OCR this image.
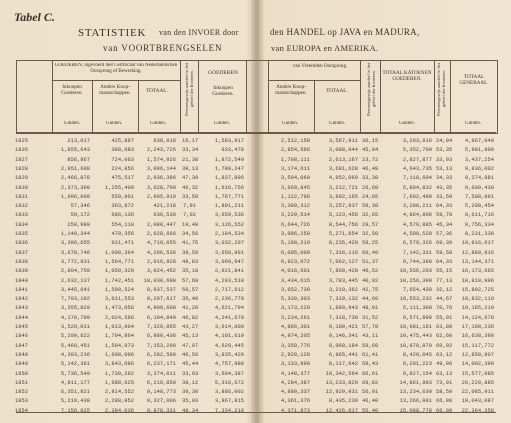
Tabel C.
STATISTIEK van den INVOER door
van VOORTBRENGSELEN
den HANDEL op JAVA en MADURA,
van EUROPA en AMERIKA.
GOEDEREN, ingevoerd met Certificaat van Nederlandschen Oorsprong of Bewerking.
Inkoopen Goederen.
Andere Koop-mansschappen.	TOTAAL.	Percentsgewijs aandeel in het geheel der Invoeren.	GOEDEREN
Inkoopen Goederen.
van Vreemden Oorsprong.
Andere Koop-mansschappen.	TOTAAL.	Percentsgewijs aandeel in het geheel der Invoeren.	TOTAAL KATOENEN GOEDEREN.	Percentsgewijs aandeel in het geheel der Invoeren.	TOTAAL GENERAAL.
Gulden.	Gulden.	Gulden.	Gulden.	Gulden.	Gulden.	Gulden.	Gulden.
1825	213,017	425,887	638,918 16,17	1,583,917	2,512,158	3,567,911 36,15	3,203,916 24,04	4,967,049
1826	1,855,643	388,083	2,243,726 33,34	933,478	2,854,566	3,088,044 45,84	5,352,700 53,35	5,981,800
1827	856,867	724,063	1,574,926 21,38	1,872,540	1,708,111	2,613,167 23,72	2,827,877 33,93	3,437,254
1828	2,951,688	224,856	3,096,144 39,13	1,789,247	3,174,611	3,681,628 46,48	4,643,735 53,13	9,836,002
1829	2,466,878	475,517	2,936,386 47,39	1,837,896	3,594,060	4,952,069 33,38	7,118,604 34,33	9,274,981
1830	2,373,300	1,255,409	3,628,709 46,32	1,616,756	3,669,845	3,212,721 26,68	5,894,832 43,35	9,609,430
1831	1,996,009	559,901	2,905,910 33,50	1,787,771	1,122,796	3,602,165 24,65	7,602,400 33,59	7,508,991
1832	57,346	363,872	421,218 7,91	1,891,211	3,380,312	3,257,837 59,38	3,288,211 64,33	5,208,454
1833	59,172	686,136	636,530 7,02	3,659,536	3,229,514	5,123,456 32,65	4,864,806 59,78	9,611,716
1834	258,980	554,110	2,080,447 19,48	3,126,552	6,644,726	8,544,756 29,57	4,579,885 45,34	9,756,334
1835	1,149,344	479,356	2,628,666 34,56	2,184,534	3,086,259	5,271,654 32,50	4,500,528 57,36	8,231,338
1836	3,306,655	921,471	4,719,055 41,75	3,032,207	5,190,219	8,235,429 59,25	6,579,326 69,39	10,916,617
1837	3,678,746	1,000,364	4,296,536 39,59	3,658,991	6,005,000	7,316,116 60,40	7,142,331 59,58	12,889,816
1838	3,772,931	1,564,771	2,016,928 48,83	3,069,947	6,923,072	7,062,127 51,37	9,744,380 64,33	13,144,371
1839	2,904,759	1,059,329	3,024,452 35,18	2,921,841	4,016,501	7,868,428 46,52	10,556,203 55,15	16,173,665
1840	2,632,137	1,742,451	10,030,688 57,68	4,293,518	3,434,615	3,783,445 40,92	10,256,390 77,13	18,819,996
1841	3,445,641	1,509,524	8,937,537 59,57	2,717,612	3,652,730	3,210,362 42,75	7,654,430 32,12	15,892,725
1842	7,793,192	3,011,553	9,297,617 35,40	2,236,770	5,330,303	7,319,132 44,60	10,553,232 44,67	18,832,110
1843	3,355,829	1,473,056	4,909,600 41,20	4,621,794	3,173,220	1,889,943 48,01	5,111,300 70,76	10,185,219
1844	4,170,799	2,024,566	6,194,849 46,82	4,241,679	3,234,261	7,318,730 31,52	9,571,899 55,91	14,124,678
1845	3,529,011	1,013,904	7,329,865 43,27	3,614,000	4,866,301	9,100,421 57,78	10,981,161 63,88	17,198,236
1846	5,209,622	1,704,864	6,880,436 45,13	4,101,619	4,974,205	9,146,341 43,11	10,475,443 62,60	16,638,398
1847	5,460,451	1,594,973	7,153,290 47,07	4,620,445	3,359,776	8,060,184 59,60	10,870,879 60,02	15,117,772
1848	4,303,236	1,600,006	6,282,590 46,56	3,835,429	2,920,128	6,965,441 61,41	8,429,045 63,12	12,850,907
1849	5,142,361	3,843,086	6,237,171 45,44	4,757,988	3,133,999	8,117,642 59,43	9,201,223 49,96	14,002,390
1850	5,736,549	1,739,262	3,374,011 33,93	3,604,387	4,148,377	10,342,564 66,61	9,827,154 63,13	15,577,085
1851	4,911,177	1,688,625	6,210,850 38,12	5,310,672	4,284,387	13,233,820 68,82	14,861,903 73,91	20,229,885
1852	6,351,821	2,814,552	9,148,773 39,38	3,886,002	4,880,337	12,929,931 56,91	13,234,630 58,59	22,085,911
1853	5,219,438	2,288,852	9,327,006 35,03	3,867,815	4,361,376	8,435,230 46,40	13,266,991 66,80	19,043,087
1854	7,156,825	2,384,036	9,878,331 48,34	7,334,218	4,371,873	12,426,617 55,40	15,088,778 66,09	22,364,358
